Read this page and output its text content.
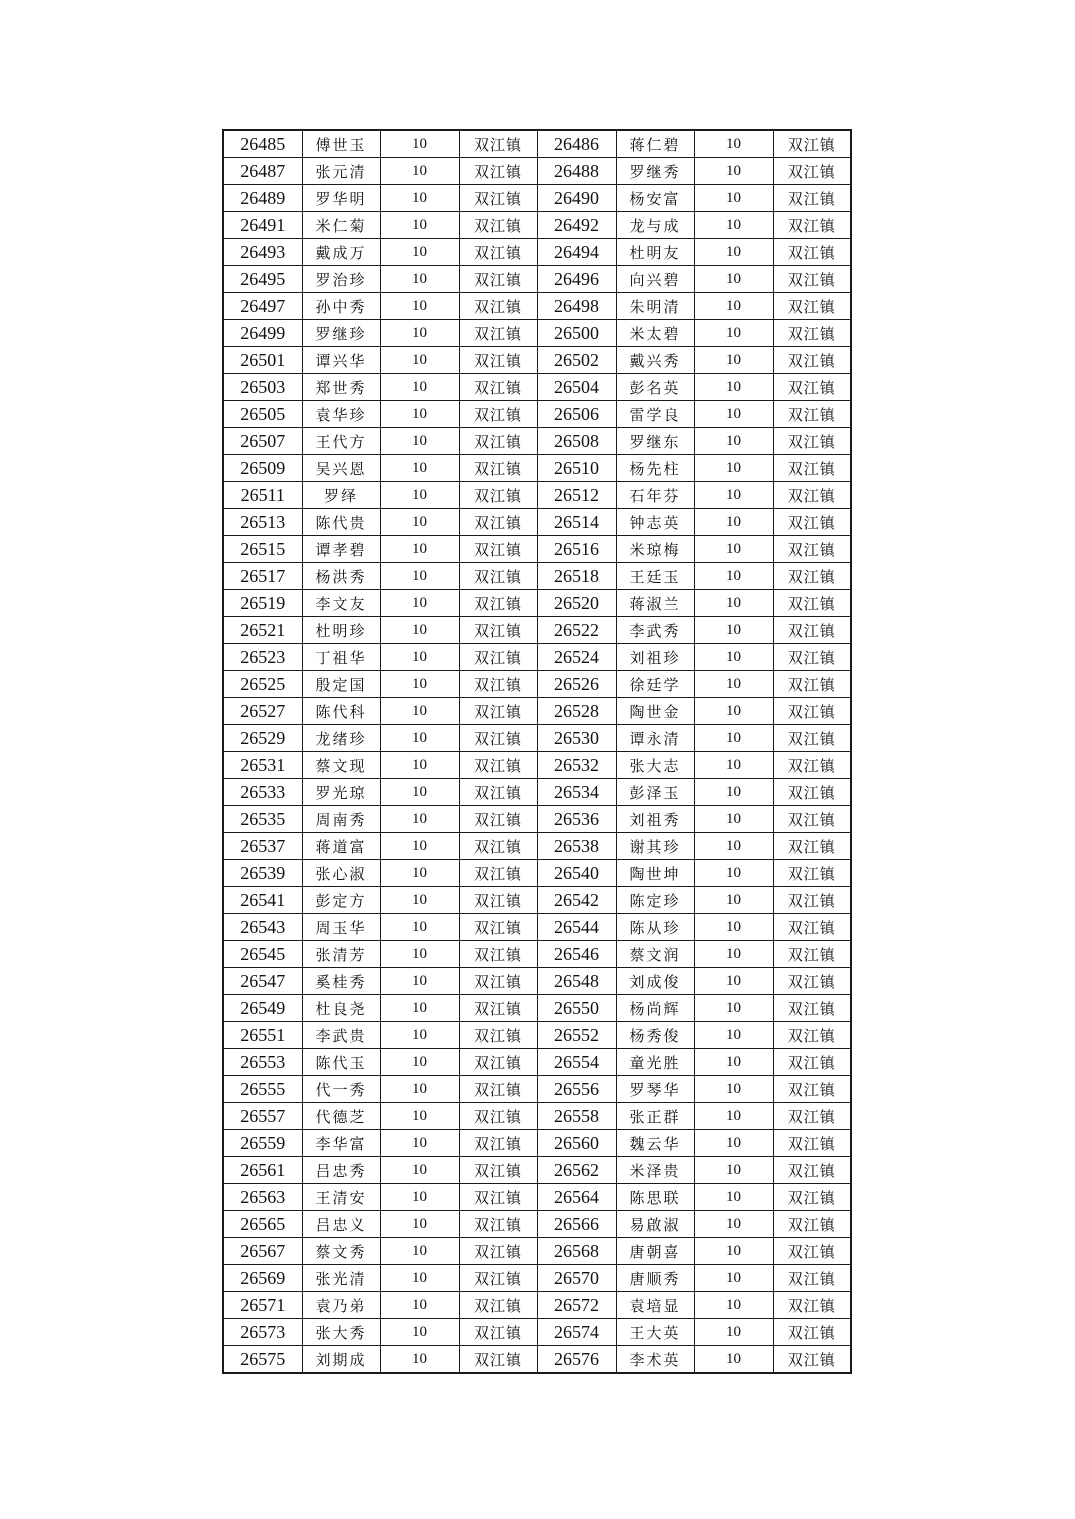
26485	傅世玉	10	双江镇	26486	蒋仁碧	10	双江镇
26487	张元清	10	双江镇	26488	罗继秀	10	双江镇
26489	罗华明	10	双江镇	26490	杨安富	10	双江镇
26491	米仁菊	10	双江镇	26492	龙与成	10	双江镇
26493	戴成万	10	双江镇	26494	杜明友	10	双江镇
26495	罗治珍	10	双江镇	26496	向兴碧	10	双江镇
26497	孙中秀	10	双江镇	26498	朱明清	10	双江镇
26499	罗继珍	10	双江镇	26500	米太碧	10	双江镇
26501	谭兴华	10	双江镇	26502	戴兴秀	10	双江镇
26503	郑世秀	10	双江镇	26504	彭名英	10	双江镇
26505	袁华珍	10	双江镇	26506	雷学良	10	双江镇
26507	王代方	10	双江镇	26508	罗继东	10	双江镇
26509	吴兴恩	10	双江镇	26510	杨先柱	10	双江镇
26511	罗绎	10	双江镇	26512	石年芬	10	双江镇
26513	陈代贵	10	双江镇	26514	钟志英	10	双江镇
26515	谭孝碧	10	双江镇	26516	米琼梅	10	双江镇
26517	杨洪秀	10	双江镇	26518	王廷玉	10	双江镇
26519	李文友	10	双江镇	26520	蒋淑兰	10	双江镇
26521	杜明珍	10	双江镇	26522	李武秀	10	双江镇
26523	丁祖华	10	双江镇	26524	刘祖珍	10	双江镇
26525	殷定国	10	双江镇	26526	徐廷学	10	双江镇
26527	陈代科	10	双江镇	26528	陶世金	10	双江镇
26529	龙绪珍	10	双江镇	26530	谭永清	10	双江镇
26531	蔡文现	10	双江镇	26532	张大志	10	双江镇
26533	罗光琼	10	双江镇	26534	彭泽玉	10	双江镇
26535	周南秀	10	双江镇	26536	刘祖秀	10	双江镇
26537	蒋道富	10	双江镇	26538	谢其珍	10	双江镇
26539	张心淑	10	双江镇	26540	陶世坤	10	双江镇
26541	彭定方	10	双江镇	26542	陈定珍	10	双江镇
26543	周玉华	10	双江镇	26544	陈从珍	10	双江镇
26545	张清芳	10	双江镇	26546	蔡文润	10	双江镇
26547	奚桂秀	10	双江镇	26548	刘成俊	10	双江镇
26549	杜良尧	10	双江镇	26550	杨尚辉	10	双江镇
26551	李武贵	10	双江镇	26552	杨秀俊	10	双江镇
26553	陈代玉	10	双江镇	26554	童光胜	10	双江镇
26555	代一秀	10	双江镇	26556	罗琴华	10	双江镇
26557	代德芝	10	双江镇	26558	张正群	10	双江镇
26559	李华富	10	双江镇	26560	魏云华	10	双江镇
26561	吕忠秀	10	双江镇	26562	米泽贵	10	双江镇
26563	王清安	10	双江镇	26564	陈思联	10	双江镇
26565	吕忠义	10	双江镇	26566	易啟淑	10	双江镇
26567	蔡文秀	10	双江镇	26568	唐朝喜	10	双江镇
26569	张光清	10	双江镇	26570	唐顺秀	10	双江镇
26571	袁乃弟	10	双江镇	26572	袁培显	10	双江镇
26573	张大秀	10	双江镇	26574	王大英	10	双江镇
26575	刘期成	10	双江镇	26576	李术英	10	双江镇
